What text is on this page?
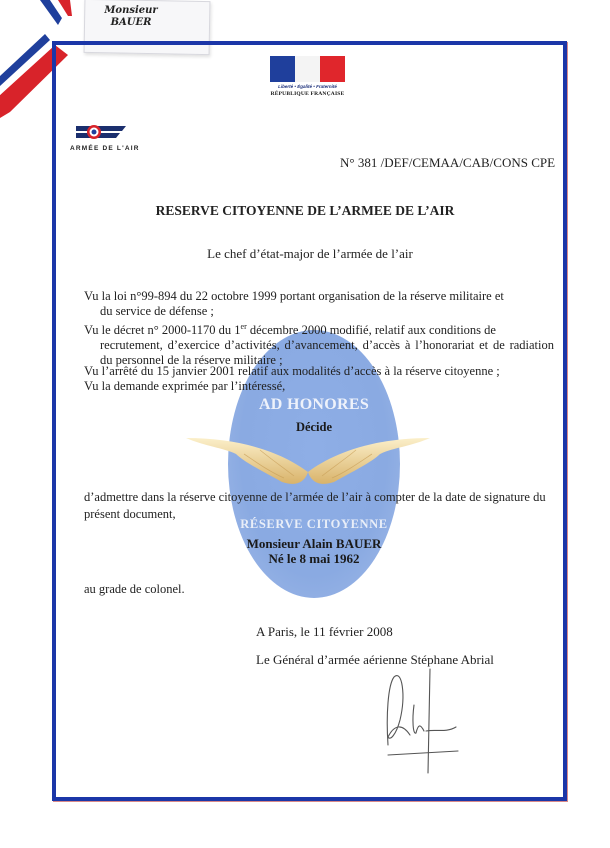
Monsieur
BAUER
Liberté • Égalité • Fraternité
RÉPUBLIQUE FRANÇAISE
ARMÉE DE L'AIR
N° 381 /DEF/CEMAA/CAB/CONS CPE
RESERVE CITOYENNE DE L’ARMEE DE L’AIR
Le chef d’état-major de l’armée de l’air
Vu la loi n°99-894 du 22 octobre 1999 portant organisation de la réserve militaire et
du service de défense ;
Vu le décret n° 2000-1170 du 1er décembre 2000 modifié, relatif aux conditions de
recrutement, d’exercice d’activités, d’avancement, d’accès à l’honorariat et de radiation du personnel de la réserve militaire ;
Vu l’arrêté du 15 janvier 2001 relatif aux modalités d’accès à la réserve citoyenne ;
Vu la demande exprimée par l’intéressé,
AD HONORES
Décide
d’admettre dans la réserve citoyenne de l’armée de l’air à compter de la date de signature du présent document,
RÉSERVE CITOYENNE
Monsieur Alain BAUER
Né le 8 mai 1962
au grade de colonel.
A Paris, le 11 février 2008
Le Général d’armée aérienne Stéphane Abrial
